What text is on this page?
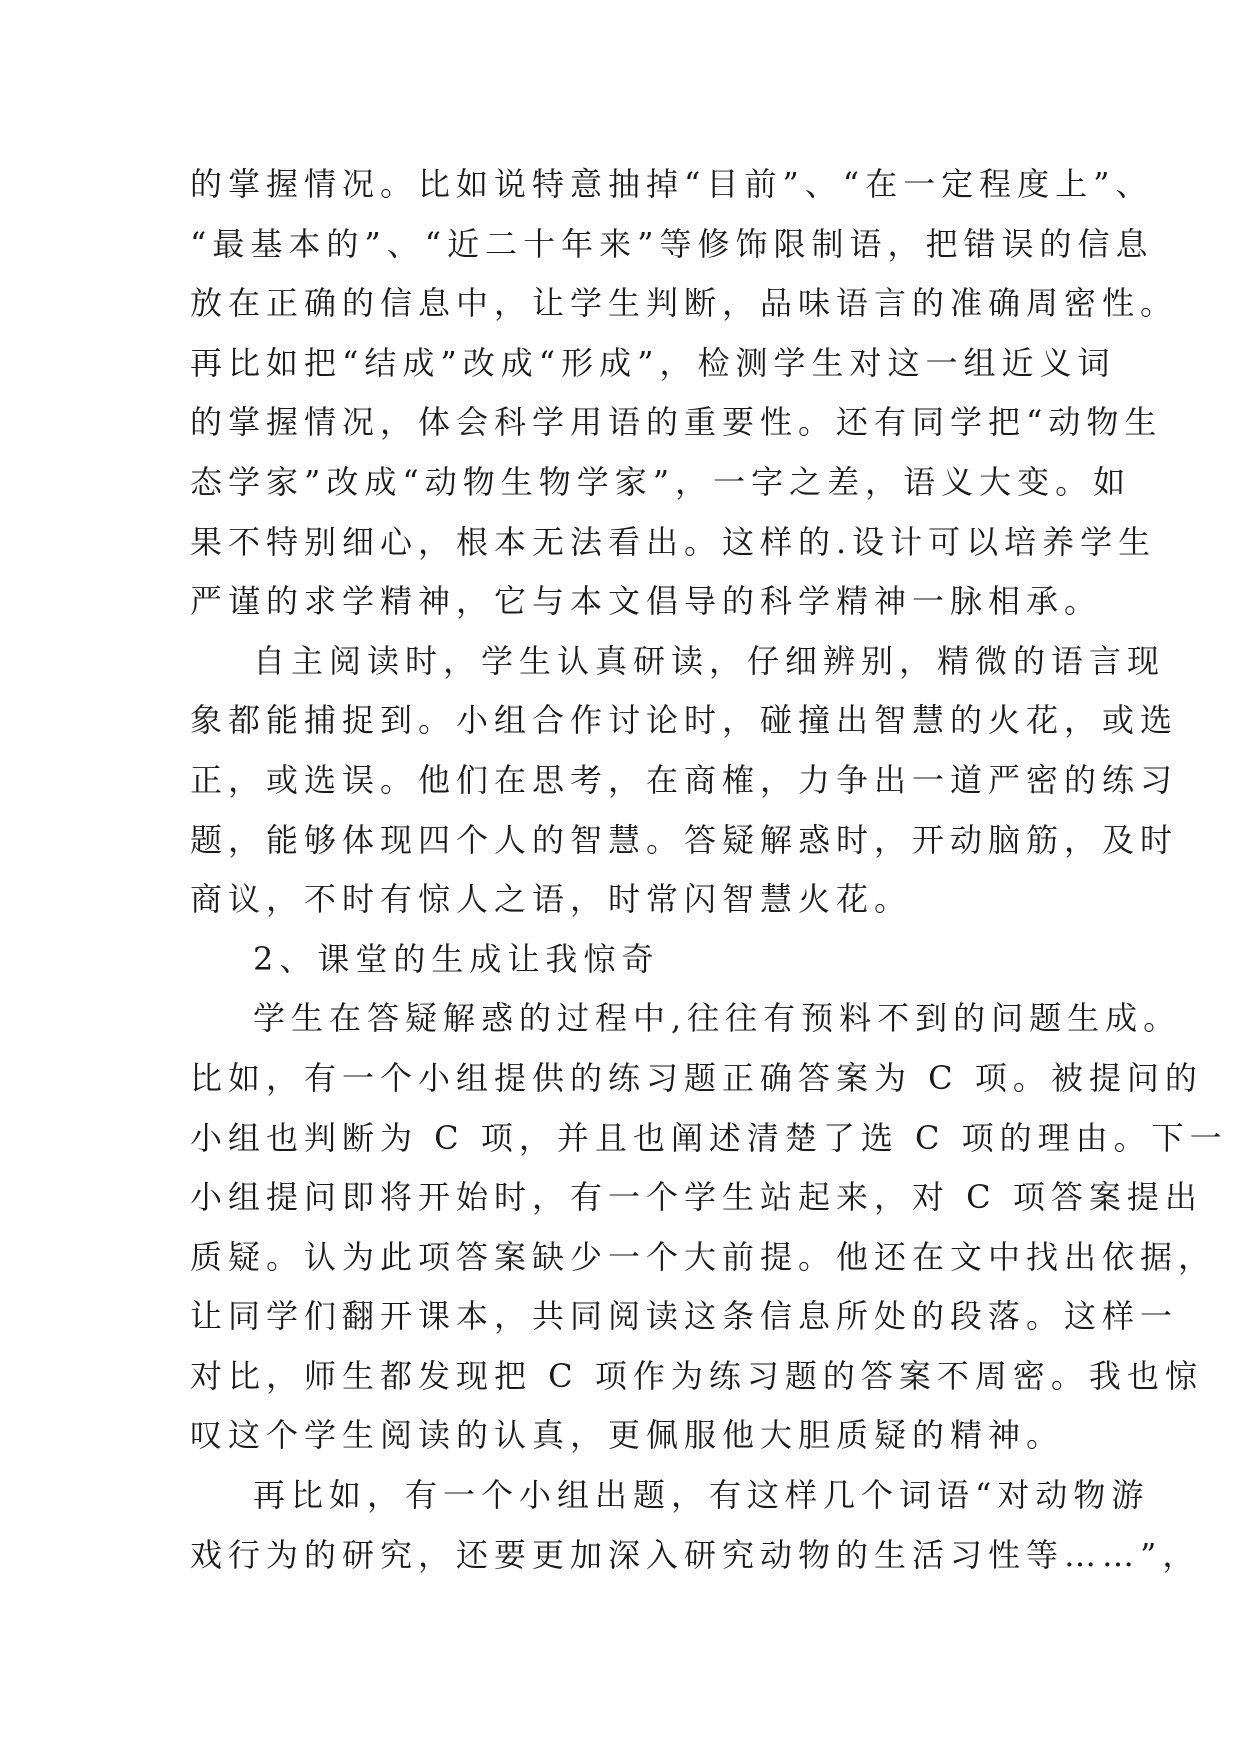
的掌握情况。比如说特意抽掉“目前”、“在一定程度上”、
“最基本的”、“近二十年来”等修饰限制语，把错误的信息
放在正确的信息中，让学生判断，品味语言的准确周密性。
再比如把“结成”改成“形成”，检测学生对这一组近义词
的掌握情况，体会科学用语的重要性。还有同学把“动物生
态学家”改成“动物生物学家”，一字之差，语义大变。如
果不特别细心，根本无法看出。这样的.设计可以培养学生
严谨的求学精神，它与本文倡导的科学精神一脉相承。
自主阅读时，学生认真研读，仔细辨别，精微的语言现
象都能捕捉到。小组合作讨论时，碰撞出智慧的火花，或选
正，或选误。他们在思考，在商榷，力争出一道严密的练习
题，能够体现四个人的智慧。答疑解惑时，开动脑筋，及时
商议，不时有惊人之语，时常闪智慧火花。
2、课堂的生成让我惊奇
学生在答疑解惑的过程中,往往有预料不到的问题生成。
比如，有一个小组提供的练习题正确答案为 C 项。被提问的
小组也判断为 C 项，并且也阐述清楚了选 C 项的理由。下一
小组提问即将开始时，有一个学生站起来，对 C 项答案提出
质疑。认为此项答案缺少一个大前提。他还在文中找出依据，
让同学们翻开课本，共同阅读这条信息所处的段落。这样一
对比，师生都发现把 C 项作为练习题的答案不周密。我也惊
叹这个学生阅读的认真，更佩服他大胆质疑的精神。
再比如，有一个小组出题，有这样几个词语“对动物游
戏行为的研究，还要更加深入研究动物的生活习性等……”，
